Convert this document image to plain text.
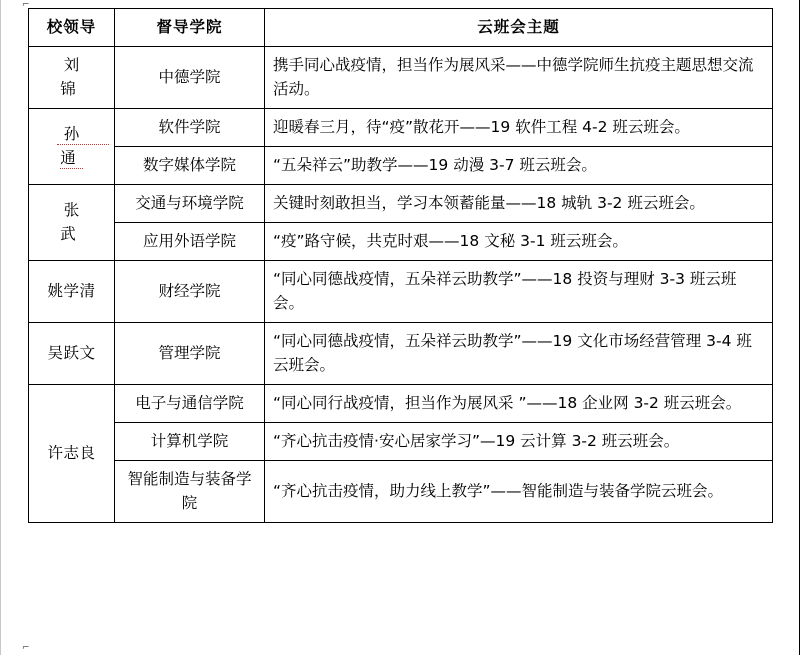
⌐
⌐
校领导	督导学院	云班会主题
刘　锦	中德学院	携手同心战疫情，担当作为展风采——中德学院师生抗疫主题思想交流活动。
孙　通	软件学院	迎暖春三月，待“疫”散花开——19 软件工程 4-2 班云班会。
	数字媒体学院	“五朵祥云”助教学——19 动漫 3-7 班云班会。
张　武	交通与环境学院	关键时刻敢担当，学习本领蓄能量——18 城轨 3-2 班云班会。
	应用外语学院	“疫”路守候，共克时艰——18 文秘 3-1 班云班会。
姚学清	财经学院	“同心同德战疫情，五朵祥云助教学”——18 投资与理财 3-3 班云班会。
吴跃文	管理学院	“同心同德战疫情，五朵祥云助教学”——19 文化市场经营管理 3-4 班云班会。
许志良	电子与通信学院	“同心同行战疫情，担当作为展风采 ”——18 企业网 3-2 班云班会。
	计算机学院	“齐心抗击疫情·安心居家学习”—19 云计算 3-2 班云班会。
	智能制造与装备学院	“齐心抗击疫情，助力线上教学”——智能制造与装备学院云班会。
